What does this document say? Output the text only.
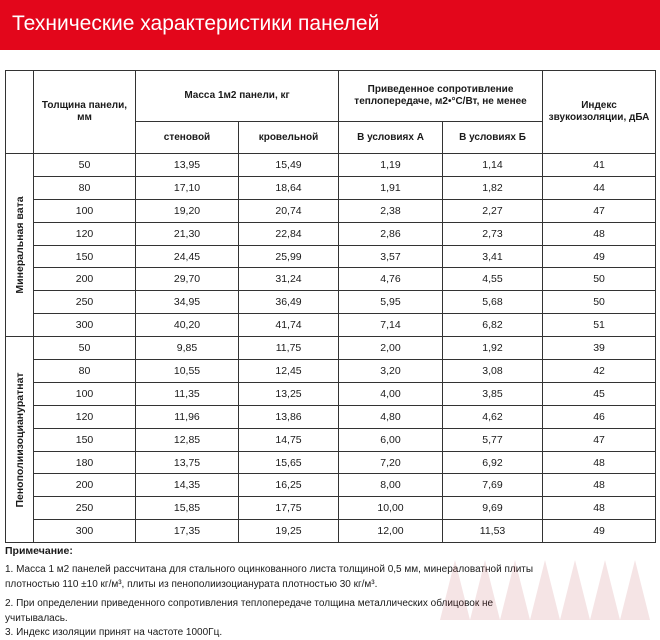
Технические характеристики панелей
	Толщина панели, мм	Масса 1м2 панели, кг		Приведенное сопротивление теплопередаче, м2•°С/Вт, не менее		Индекс звукоизоляции, дБА
		стеновой	кровельной	В условиях А	В условиях Б	

Минеральная вата	50	13,95	15,49	1,19	1,14	41
	80	17,10	18,64	1,91	1,82	44
	100	19,20	20,74	2,38	2,27	47
	120	21,30	22,84	2,86	2,73	48
	150	24,45	25,99	3,57	3,41	49
	200	29,70	31,24	4,76	4,55	50
	250	34,95	36,49	5,95	5,68	50
	300	40,20	41,74	7,14	6,82	51

Пенополиизоциануратнат	50	9,85	11,75	2,00	1,92	39
	80	10,55	12,45	3,20	3,08	42
	100	11,35	13,25	4,00	3,85	45
	120	11,96	13,86	4,80	4,62	46
	150	12,85	14,75	6,00	5,77	47
	180	13,75	15,65	7,20	6,92	48
	200	14,35	16,25	8,00	7,69	48
	250	15,85	17,75	10,00	9,69	48
	300	17,35	19,25	12,00	11,53	49
Примечание:
1. Масса 1 м2 панелей рассчитана для стального оцинкованного листа толщиной 0,5 мм, минераловатной плиты плотностью 110 ±10 кг/м³, плиты из пенополиизоцианурата плотностью 30 кг/м³.
2. При определении приведенного сопротивления теплопередаче толщина металлических облицовок не учитывалась.
3. Индекс изоляции принят на частоте 1000Гц.
